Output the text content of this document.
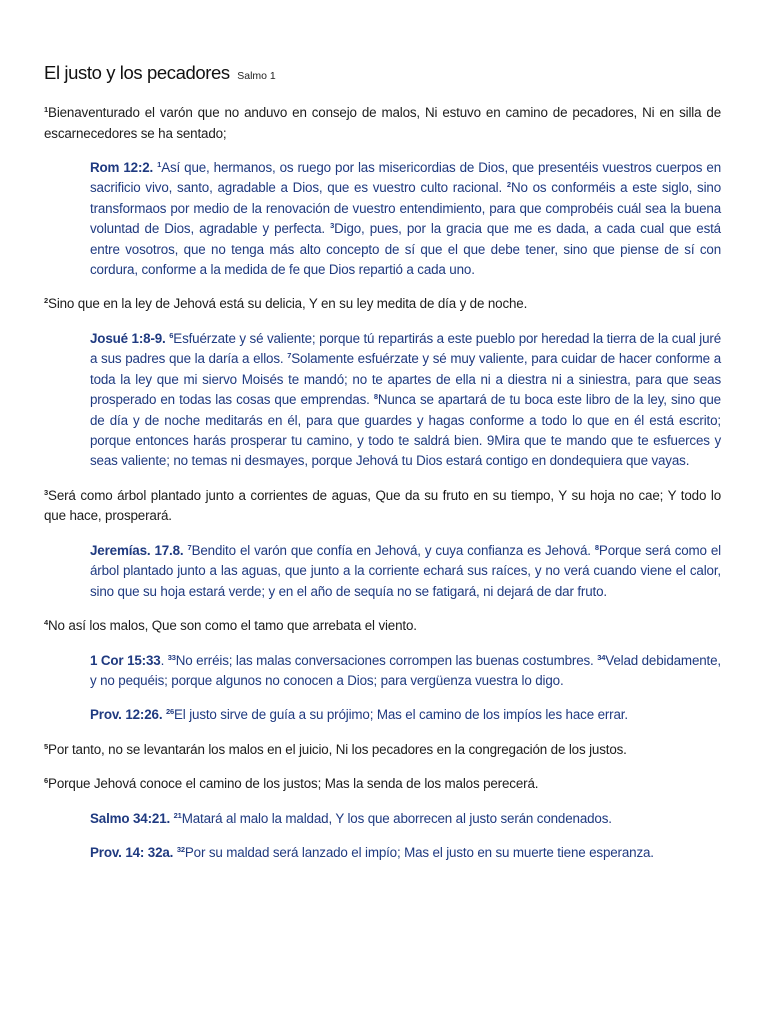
El justo y los pecadores Salmo 1

$^1$Bienaventurado el varón que no anduvo en consejo de malos, Ni estuvo en camino de pecadores, Ni en silla de escarnecedores se ha sentado;

Rom 12:2. $^1$Así que, hermanos, os ruego por las misericordias de Dios, que presentéis vuestros cuerpos en sacrificio vivo, santo, agradable a Dios, que es vuestro culto racional. $^2$No os conforméis a este siglo, sino transformaos por medio de la renovación de vuestro entendimiento, para que comprobéis cuál sea la buena voluntad de Dios, agradable y perfecta. $^3$Digo, pues, por la gracia que me es dada, a cada cual que está entre vosotros, que no tenga más alto concepto de sí que el que debe tener, sino que piense de sí con cordura, conforme a la medida de fe que Dios repartió a cada uno.

$^2$Sino que en la ley de Jehová está su delicia, Y en su ley medita de día y de noche.

Josué 1:8-9. $^6$Esfuérzate y sé valiente; porque tú repartirás a este pueblo por heredad la tierra de la cual juré a sus padres que la daría a ellos. $^7$Solamente esfuérzate y sé muy valiente, para cuidar de hacer conforme a toda la ley que mi siervo Moisés te mandó; no te apartes de ella ni a diestra ni a siniestra, para que seas prosperado en todas las cosas que emprendas. $^8$Nunca se apartará de tu boca este libro de la ley, sino que de día y de noche meditarás en él, para que guardes y hagas conforme a todo lo que en él está escrito; porque entonces harás prosperar tu camino, y todo te saldrá bien. 9Mira que te mando que te esfuerces y seas valiente; no temas ni desmayes, porque Jehová tu Dios estará contigo en dondequiera que vayas.

$^3$Será como árbol plantado junto a corrientes de aguas, Que da su fruto en su tiempo, Y su hoja no cae; Y todo lo que hace, prosperará.

Jeremías. 17.8. $^7$Bendito el varón que confía en Jehová, y cuya confianza es Jehová. $^8$Porque será como el árbol plantado junto a las aguas, que junto a la corriente echará sus raíces, y no verá cuando viene el calor, sino que su hoja estará verde; y en el año de sequía no se fatigará, ni dejará de dar fruto.

$^4$No así los malos, Que son como el tamo que arrebata el viento.

1 Cor 15:33. $^{33}$No erréis; las malas conversaciones corrompen las buenas costumbres. $^{34}$Velad debidamente, y no pequéis; porque algunos no conocen a Dios; para vergüenza vuestra lo digo.

Prov. 12:26. $^{26}$El justo sirve de guía a su prójimo; Mas el camino de los impíos les hace errar.

$^5$Por tanto, no se levantarán los malos en el juicio, Ni los pecadores en la congregación de los justos.

$^6$Porque Jehová conoce el camino de los justos; Mas la senda de los malos perecerá.

Salmo 34:21. $^{21}$Matará al malo la maldad, Y los que aborrecen al justo serán condenados.

Prov. 14: 32a. $^{32}$Por su maldad será lanzado el impío; Mas el justo en su muerte tiene esperanza.
